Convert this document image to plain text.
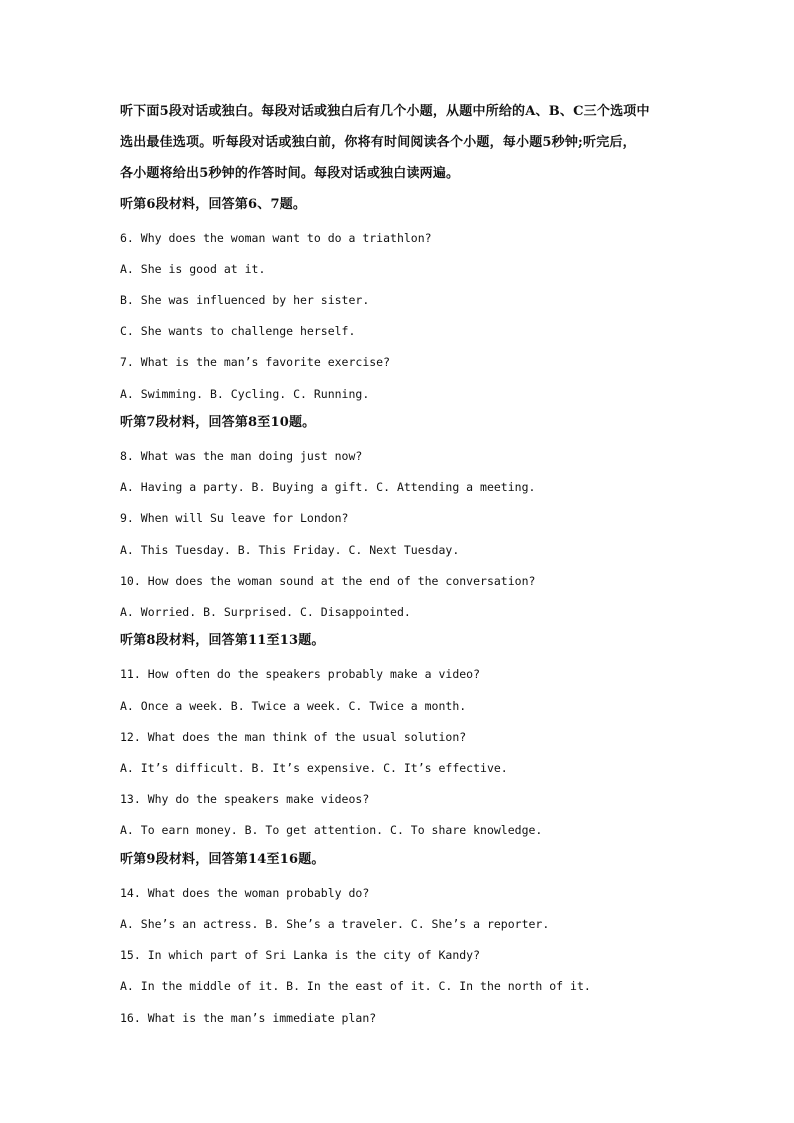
听下面5段对话或独白。每段对话或独白后有几个小题，从题中所给的A、B、C三个选项中
选出最佳选项。听每段对话或独白前，你将有时间阅读各个小题，每小题5秒钟;听完后，
各小题将给出5秒钟的作答时间。每段对话或独白读两遍。
听第6段材料，回答第6、7题。
6. Why does the woman want to do a triathlon?
A. She is good at it.
B. She was influenced by her sister.
C. She wants to challenge herself.
7. What is the man’s favorite exercise?
A. Swimming. B. Cycling. C. Running.
听第7段材料，回答第8至10题。
8. What was the man doing just now?
A. Having a party. B. Buying a gift. C. Attending a meeting.
9. When will Su leave for London?
A. This Tuesday. B. This Friday. C. Next Tuesday.
10. How does the woman sound at the end of the conversation?
A. Worried. B. Surprised. C. Disappointed.
听第8段材料，回答第11至13题。
11. How often do the speakers probably make a video?
A. Once a week. B. Twice a week. C. Twice a month.
12. What does the man think of the usual solution?
A. It’s difficult. B. It’s expensive. C. It’s effective.
13. Why do the speakers make videos?
A. To earn money. B. To get attention. C. To share knowledge.
听第9段材料，回答第14至16题。
14. What does the woman probably do?
A. She’s an actress. B. She’s a traveler. C. She’s a reporter.
15. In which part of Sri Lanka is the city of Kandy?
A. In the middle of it. B. In the east of it. C. In the north of it.
16. What is the man’s immediate plan?
